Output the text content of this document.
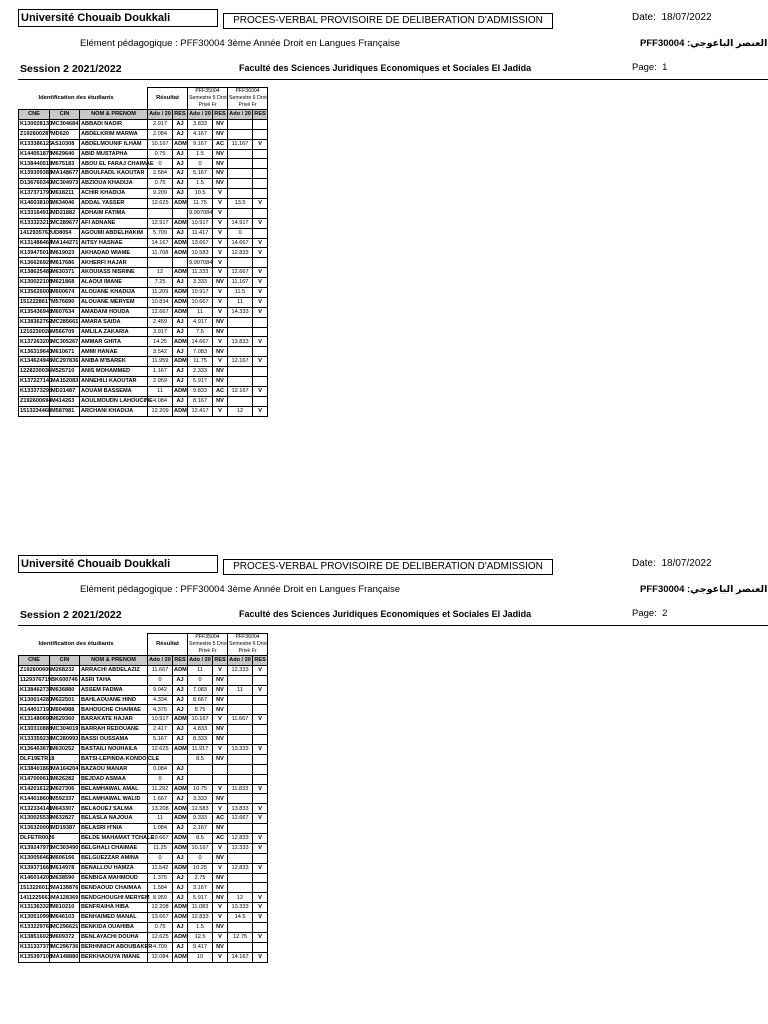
Université Chouaib Doukkali	PROCES-VERBAL PROVISOIRE DE DELIBERATION D'ADMISSION	Date: 18/07/2022
Elément pédagogique : PFF30004 3ème Année Droit en Langues Française	PFF30004 العنصر الباعوجي:
Session 2 2021/2022	Faculté des Sciences Juridiques Economiques et Sociales El Jadida	Page: 1
Identification des étudiants			Résultat		PFF35004
Semestre 5 Droit
Privé Fr		PFF36004
Semestre 6 Droit
Privé Fr	
CNE	CIN	NOM & PRENOM	Ado / 20	RES	Ado / 20	RES	Ado / 20	RES
K130028130	MC304684	ABBADI NADIR	2.917	AJ	3.833	NV		
Z192600287	MD620	ABDELKRIM MARWA	2.084	AJ	4.167	NV		
K133386126	AS10308	ABDELMOUNIF ILHAM	10.167	ADM	9.167	AC	11.167	V
K144051873	M629640	ABID MUSTAPHA	0.75	AJ	1.5	NV		
K138440518	M675183	ABOU EL FARAJ CHAIMAE	0	AJ	0	NV		
K139309388	MA148677	ABOULFADL KAOUTAR	2.584	AJ	5.167	NV		
D136760340	MC304973	ABZIOUA KHADIJA	0.75	AJ	1.5	NV		
K137371790	M618211	ACHIR KHADIJA	9.209	AJ	10.5	V		
K146038106	M634046	ADDAL YASSER	12.625	ADM	11.75	V	13.5	V
K133164912	MD21882	ADHAIM FATIMA			9.997084	V		
K133323216	MC289677	AFI ADNANE	12.917	ADM	10.917	V	14.917	V
1412935762	UD8054	AGOUMI ABDELHAKIM	5.709	AJ	11.417	V	0	
K131488464	MA144271	AITSY HASNAE	14.167	ADM	13.667	V	14.667	V
K139475017	M619023	AKHADAD WIAME	11.708	ADM	10.583	V	12.833	V
K136626927	M617686	AKHERFI HAJAR			9.997084	V		
K138625489	M630371	AKOUIASS NISRINE	12	ADM	11.333	V	12.667	V
K130022103	M621868	ALAOUI IMANE	7.25	AJ	3.333	NV	11.167	V
K135626009	M600674	ALOUANE KHADIJA	11.209	ADM	10.917	V	11.5	V
1512228617	M576690	ALOUANE MERYEM	10.834	ADM	10.667	V	11	V
K135436948	M607634	AMADANI HOUDA	12.667	ADM	11	V	14.333	V
K138362762	MC285661	AMARA SAIDA	2.459	AJ	4.917	NV		
1210230028	M566709	AMLILA ZAKARIA	3.917	AJ	7.5	NV		
K137263206	MC305267	AMMAR GHITA	14.25	ADM	14.667	V	13.833	V
K136319640	M610671	AMMI HANAE	3.542	AJ	7.083	NV		
K134624945	MC297836	ANIBA M'BAREK	11.959	ADM	11.75	V	12.167	V
1228230036	M525710	ANIS MOHAMMED	1.167	AJ	2.333	NV		
K137227140	MA152083	ANNEHILI KAOUTAR	2.959	AJ	5.917	NV		
K133373298	MD21487	AOUAM BASSEMA	11	ADM	9.833	AC	12.167	V
Z192600694	M414263	AOULMOUDN LAHOUCINE	4.084	AJ	8.167	NV		
1513234468	M587981	ARCHANI KHADIJA	12.209	ADM	12.417	V	12	V
Université Chouaib Doukkali	PROCES-VERBAL PROVISOIRE DE DELIBERATION D'ADMISSION	Date: 18/07/2022
Elément pédagogique : PFF30004 3ème Année Droit en Langues Française	PFF30004 العنصر الباعوجي:
Session 2 2021/2022	Faculté des Sciences Juridiques Economiques et Sociales El Jadida	Page: 2
Identification des étudiants			Résultat		PFF35004
Semestre 5 Droit
Privé Fr		PFF36004
Semestre 6 Droit
Privé Fr	
CNE	CIN	NOM & PRENOM	Ado / 20	RES	Ado / 20	RES	Ado / 20	RES
Z192600606	M268232	ARRACHI ABDELAZIZ	11.667	ADM	11	V	12.333	V
1129376719	BK600746	ASRI TAHA	0	AJ	0	NV		
K138462737	M636880	ASSEM FADWA	9.042	AJ	7.083	NV	11	V
K130014280	M622501	BAHLAOUANE HIND	4.334	AJ	8.667	NV		
K144017190	M604988	BAHOUCHE CHAIMAE	4.375	AJ	8.75	NV		
K131480692	M629360	BARAKATE HAJAR	10.917	ADM	10.167	V	11.667	V
K130310888	MC304019	BARRAH REDOUANE	2.417	AJ	4.833	NV		
K133359238	MC280993	BASSI OUSSAMA	5.167	AJ	8.333	NV		
K136463671	M630252	BASTAILI NOUHAILA	12.625	ADM	11.917	V	13.333	V
DLF19ETR18		BATSI-LEPINDA-KONDO CLE			8.5	NV		
K138401863	MA164204	BAZAOU MANAR	0.084	AJ				
K147000616	M626282	BEJDAD ASMAA	0	AJ				
K142016129	M627306	BELAMHAWAL AMAL	11.292	ADM	10.75	V	11.833	V
K144018604	M592337	BELAMHAWAL WALID	1.667	AJ	3.333	NV		
K132334141	M643307	BELAOUEJ SALMA	13.208	ADM	12.583	V	13.833	V
K130025532	M632827	BELASLA NAJOUA	11	ADM	9.333	AC	12.667	V
K136320006	MD19387	BELASRI H'NIA	1.084	AJ	2.167	NV		
DLFETR0026		BELDE MAHAMAT TCHALE	10.667	ADM	8.5	AC	12.833	V
K139247976	MC303490	BELGHALI CHAIMAE	11.25	ADM	10.167	V	12.333	V
K130056469	M606166	BELGUEZZAR AMINA	0	AJ	0	NV		
K139371668	M614978	BENALLOU HAMZA	11.542	ADM	10.25	V	12.833	V
K146014200	M638590	BENBIGA MAHMOUD	1.375	AJ	2.75	NV		
1513226012	MA138876	BENDAOUD CHAIMAA	1.584	AJ	3.167	NV		
1411225663	MA128369	BENDGHOUGHI MERYEM	8.959	AJ	5.917	NV	12	V
K131363327	M610210	BENFRAIHA HIBA	12.208	ADM	11.083	V	13.333	V
K130510994	M646103	BENHAIMED MANAL	13.667	ADM	12.833	V	14.5	V
K133229768	MC296621	BENKIDA OUAHIBA	0.75	AJ	1.5	NV		
K138516023	M609372	BENLAYACHI DOUHA	12.625	ADM	12.5	V	12.75	V
K131337373	MC296736	BERHNNICH ABOUBAKER	4.709	AJ	9.417	NV		
K135397108	MA148880	BERKHAOUYA IMANE	12.084	ADM	10	V	14.167	V
